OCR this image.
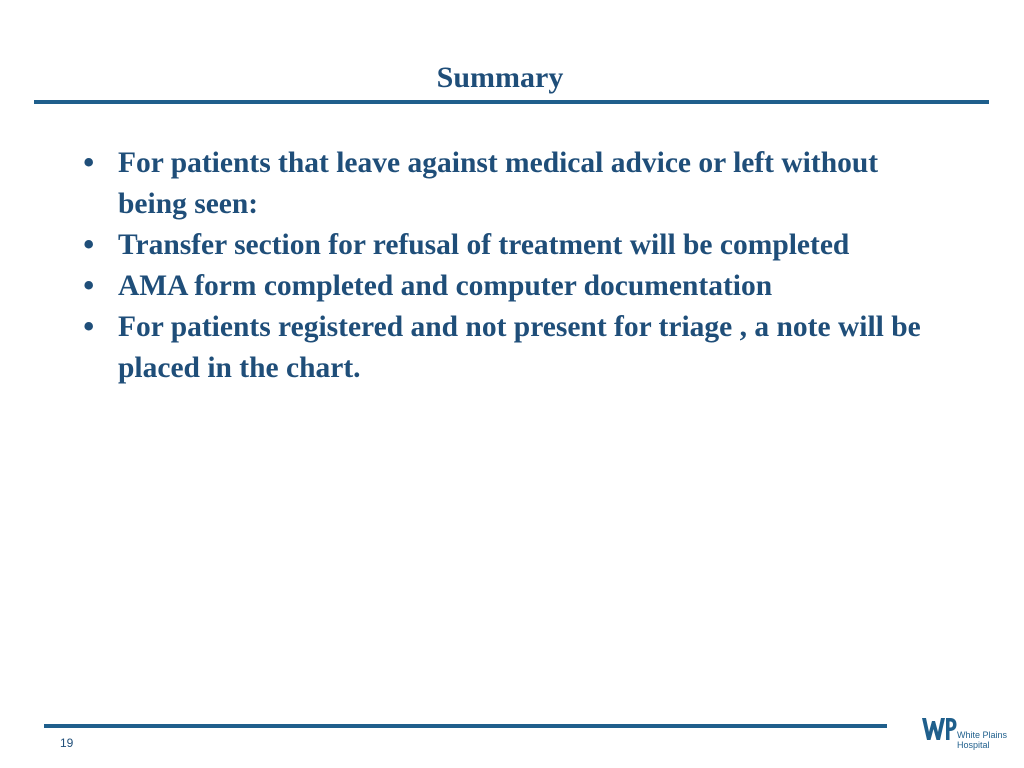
Summary
• For patients that leave against medical advice or left without being seen:
• Transfer section for refusal of treatment will be completed
• AMA form completed and computer documentation
• For patients registered and not present for triage , a note will be placed in the chart.
19
White Plains
Hospital
